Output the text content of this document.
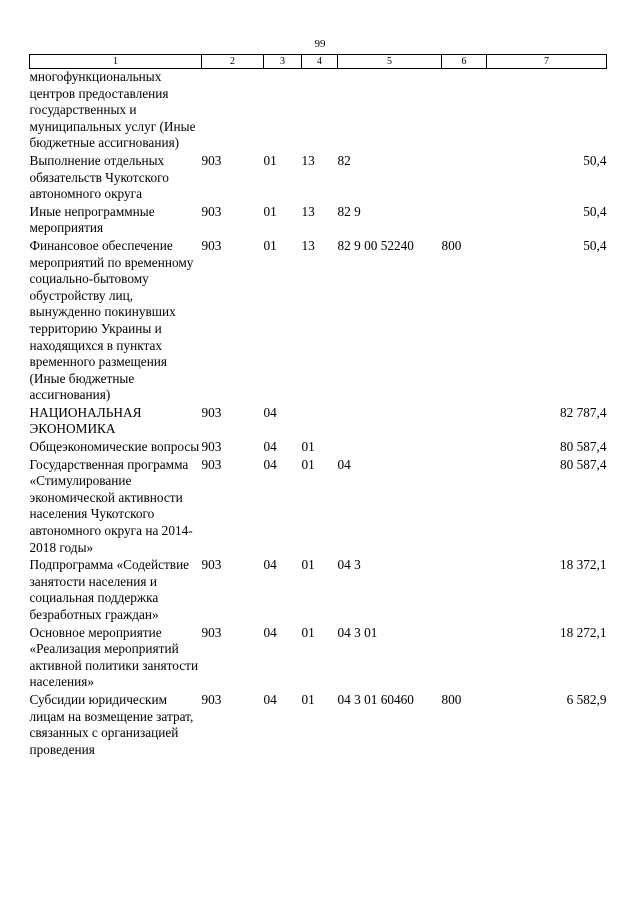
99
1	2	3	4	5	6	7
многофункциональных центров предоставления государственных и муниципальных услуг (Иные бюджетные ассигнования)						
Выполнение отдельных обязательств Чукотского автономного округа	903	01	13	82		50,4
Иные непрограммные мероприятия	903	01	13	82 9		50,4
Финансовое обеспечение мероприятий по временному социально-бытовому обустройству лиц, вынужденно покинувших территорию Украины и находящихся в пунктах временного размещения (Иные бюджетные ассигнования)	903	01	13	82 9 00 52240	800	50,4
НАЦИОНАЛЬНАЯ ЭКОНОМИКА	903	04				82 787,4
Общеэкономические вопросы	903	04	01			80 587,4
Государственная программа «Стимулирование экономической активности населения Чукотского автономного округа на 2014-2018 годы»	903	04	01	04		80 587,4
Подпрограмма «Содействие занятости населения и социальная поддержка безработных граждан»	903	04	01	04 3		18 372,1
Основное мероприятие «Реализация мероприятий активной политики занятости населения»	903	04	01	04 3 01		18 272,1
Субсидии юридическим лицам на возмещение затрат, связанных с организацией проведения	903	04	01	04 3 01 60460	800	6 582,9
